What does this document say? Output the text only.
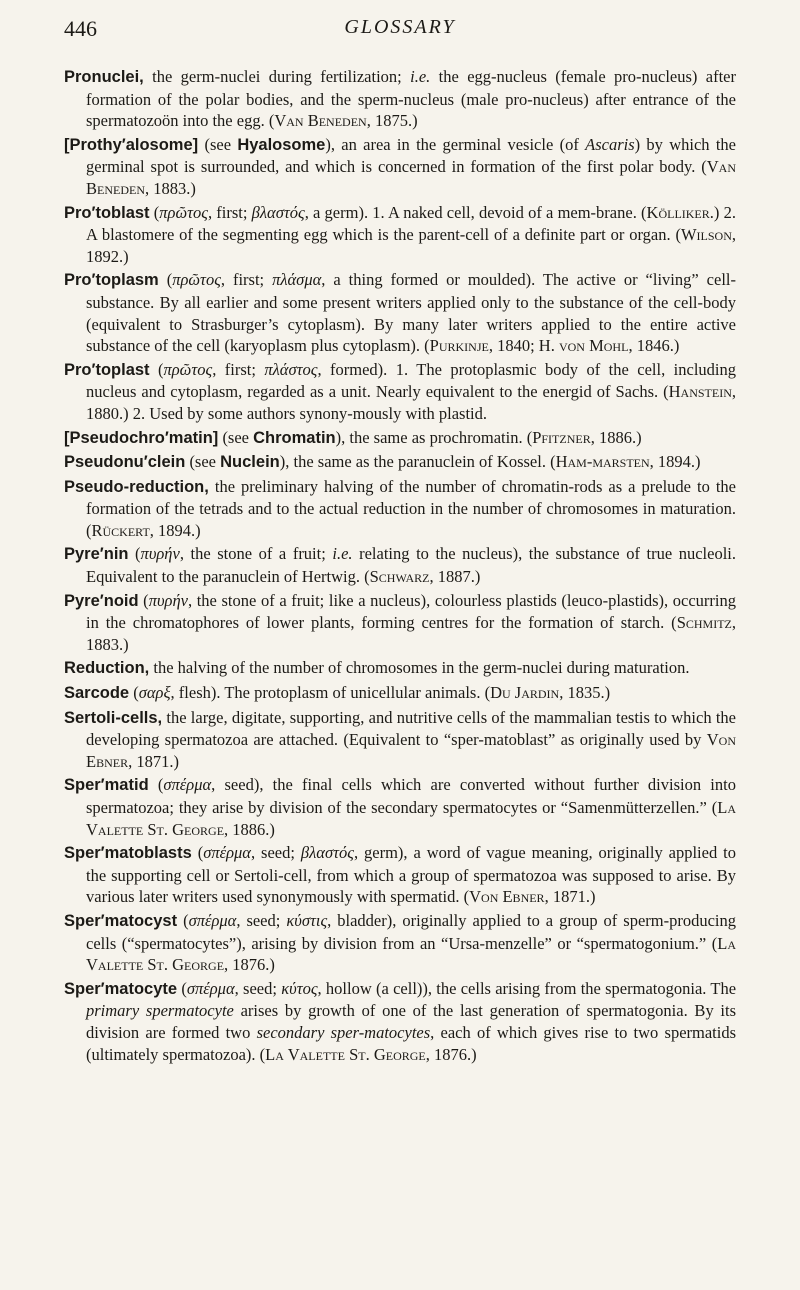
446	GLOSSARY

Pronuclei, the germ-nuclei during fertilization; i.e. the egg-nucleus (female pro-nucleus) after formation of the polar bodies, and the sperm-nucleus (male pro-nucleus) after entrance of the spermatozoön into the egg. (Van Beneden, 1875.)

[Prothy′alosome] (see Hyalosome), an area in the germinal vesicle (of Ascaris) by which the germinal spot is surrounded, and which is concerned in formation of the first polar body. (Van Beneden, 1883.)

Pro′toblast (πρῶτος, first; βλαστός, a germ). 1. A naked cell, devoid of a mem-brane. (Kölliker.) 2. A blastomere of the segmenting egg which is the parent-cell of a definite part or organ. (Wilson, 1892.)

Pro′toplasm (πρῶτος, first; πλάσμα, a thing formed or moulded). The active or “living” cell-substance. By all earlier and some present writers applied only to the substance of the cell-body (equivalent to Strasburger’s cytoplasm). By many later writers applied to the entire active substance of the cell (karyoplasm plus cytoplasm). (Purkinje, 1840; H. von Mohl, 1846.)

Pro′toplast (πρῶτος, first; πλάστος, formed). 1. The protoplasmic body of the cell, including nucleus and cytoplasm, regarded as a unit. Nearly equivalent to the energid of Sachs. (Hanstein, 1880.) 2. Used by some authors synony-mously with plastid.

[Pseudochro′matin] (see Chromatin), the same as prochromatin. (Pfitzner, 1886.)

Pseudonu′clein (see Nuclein), the same as the paranuclein of Kossel. (Ham-marsten, 1894.)

Pseudo-reduction, the preliminary halving of the number of chromatin-rods as a prelude to the formation of the tetrads and to the actual reduction in the number of chromosomes in maturation. (Rückert, 1894.)

Pyre′nin (πυρήν, the stone of a fruit; i.e. relating to the nucleus), the substance of true nucleoli. Equivalent to the paranuclein of Hertwig. (Schwarz, 1887.)

Pyre′noid (πυρήν, the stone of a fruit; like a nucleus), colourless plastids (leuco-plastids), occurring in the chromatophores of lower plants, forming centres for the formation of starch. (Schmitz, 1883.)

Reduction, the halving of the number of chromosomes in the germ-nuclei during maturation.

Sarcode (σαρξ, flesh). The protoplasm of unicellular animals. (Du Jardin, 1835.)

Sertoli-cells, the large, digitate, supporting, and nutritive cells of the mammalian testis to which the developing spermatozoa are attached. (Equivalent to “sper-matoblast” as originally used by Von Ebner, 1871.)

Sper′matid (σπέρμα, seed), the final cells which are converted without further division into spermatozoa; they arise by division of the secondary spermatocytes or “Samenmütterzellen.” (La Valette St. George, 1886.)

Sper′matoblasts (σπέρμα, seed; βλαστός, germ), a word of vague meaning, originally applied to the supporting cell or Sertoli-cell, from which a group of spermatozoa was supposed to arise. By various later writers used synonymously with spermatid. (Von Ebner, 1871.)

Sper′matocyst (σπέρμα, seed; κύστις, bladder), originally applied to a group of sperm-producing cells (“spermatocytes”), arising by division from an “Ursa-menzelle” or “spermatogonium.” (La Valette St. George, 1876.)

Sper′matocyte (σπέρμα, seed; κύτος, hollow (a cell)), the cells arising from the spermatogonia. The primary spermatocyte arises by growth of one of the last generation of spermatogonia. By its division are formed two secondary sper-matocytes, each of which gives rise to two spermatids (ultimately spermatozoa). (La Valette St. George, 1876.)
